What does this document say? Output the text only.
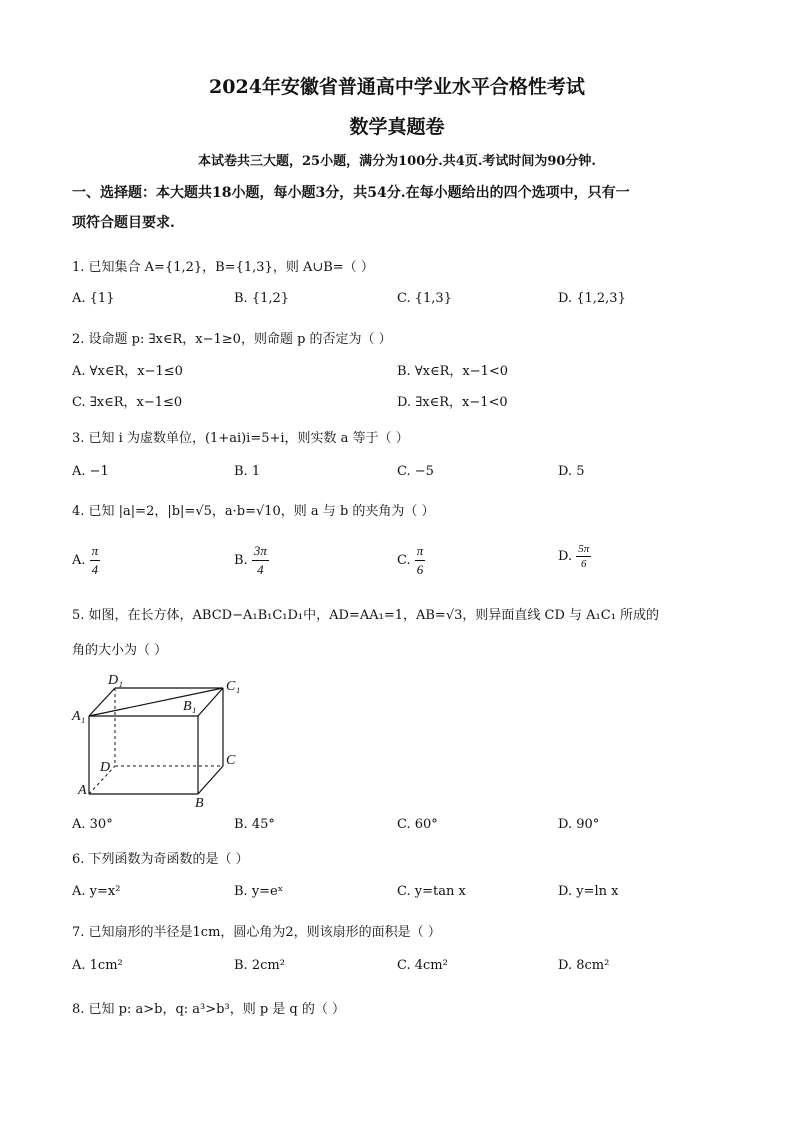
2024年安徽省普通高中学业水平合格性考试
数学真题卷
本试卷共三大题，25小题，满分为100分.共4页.考试时间为90分钟.
一、选择题：本大题共18小题，每小题3分，共54分.在每小题给出的四个选项中，只有一
项符合题目要求.
1. 已知集合 A={1,2}，B={1,3}，则 A∪B=（ ）
A. {1}	B. {1,2}	C. {1,3}	D. {1,2,3}
2. 设命题 p: ∃x∈R，x−1≥0，则命题 p 的否定为（ ）
A. ∀x∈R，x−1≤0	B. ∀x∈R，x−1<0
C. ∃x∈R，x−1≤0	D. ∃x∈R，x−1<0
3. 已知 i 为虚数单位，(1+ai)i=5+i，则实数 a 等于（ ）
A. −1	B. 1	C. −5	D. 5
4. 已知 |a|=2，|b|=√5，a·b=√10，则 a 与 b 的夹角为（ ）
A. $\frac{\pi}{4}$	B. $\frac{3\pi}{4}$	C. $\frac{\pi}{6}$	D. $\frac{5\pi}{6}$
5. 如图，在长方体，ABCD−A₁B₁C₁D₁中，AD=AA₁=1，AB=√3，则异面直线 CD 与 A₁C₁ 所成的
角的大小为（ ）
D₁	C₁
A₁
B₁
D	C
A
B
A. 30°	B. 45°	C. 60°	D. 90°
6. 下列函数为奇函数的是（ ）
A. y=x²	B. y=eˣ	C. y=tan x	D. y=ln x
7. 已知扇形的半径是1cm，圆心角为2，则该扇形的面积是（ ）
A. 1cm²	B. 2cm²	C. 4cm²	D. 8cm²
8. 已知 p: a>b，q: a³>b³，则 p 是 q 的（ ）
